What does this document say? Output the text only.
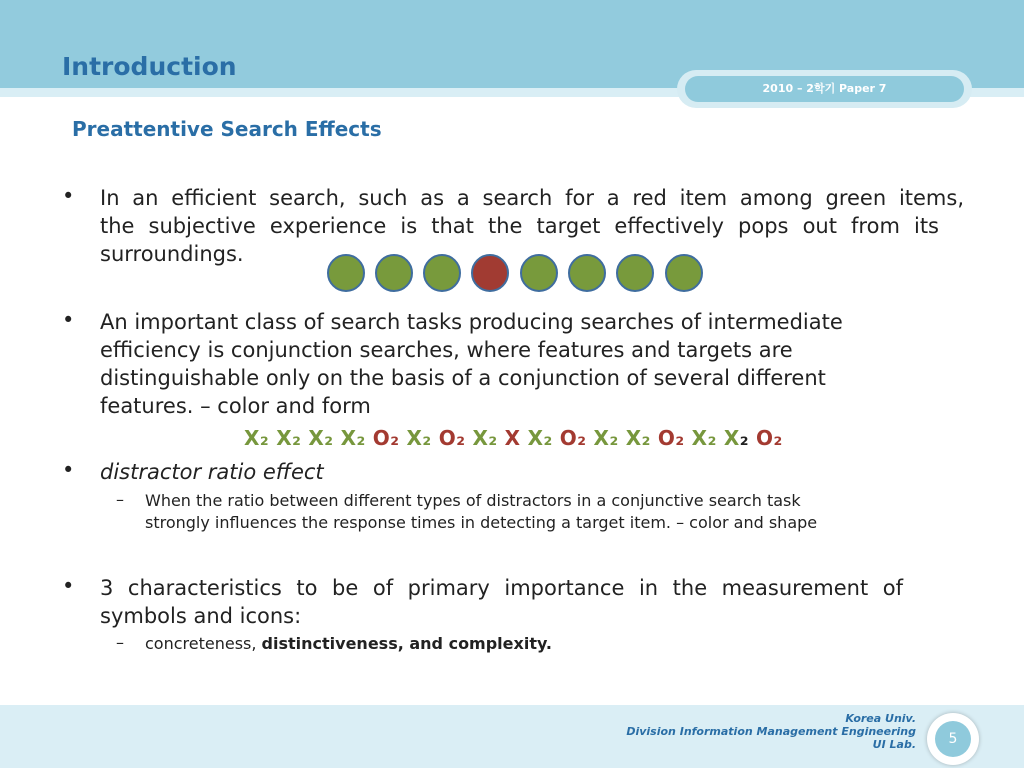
Introduction
2010 – 2학기 Paper 7
Preattentive Search Effects
• In an efficient search, such as a search for a red item among green items,
the subjective experience is that the target effectively pops out from its
surroundings.
• An important class of search tasks producing searches of intermediate
efficiency is conjunction searches, where features and targets are
distinguishable only on the basis of a conjunction of several different
features. – color and form
X₂ X₂ X₂ X₂ O₂ X₂ O₂ X₂ X X₂ O₂ X₂ X₂ O₂ X₂ X₂ O₂
• distractor ratio effect
– When the ratio between different types of distractors in a conjunctive search task
strongly influences the response times in detecting a target item. – color and shape
• 3 characteristics to be of primary importance in the measurement of
symbols and icons:
– concreteness, distinctiveness, and complexity.
Korea Univ.
Division Information Management Engineering
UI Lab.	5
